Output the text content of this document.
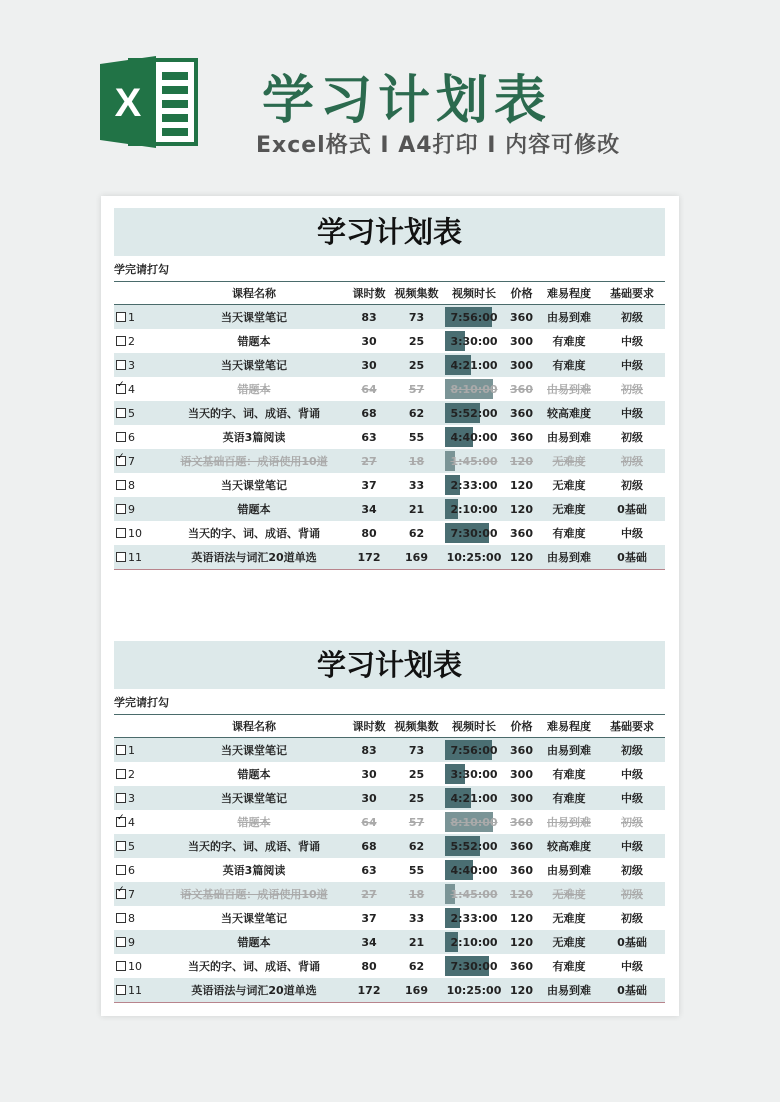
X 学习计划表
Excel格式 I A4打印 I 内容可修改
学习计划表
学完请打勾
	课程名称	课时数	视频集数	视频时长	价格	难易程度	基础要求
1	当天课堂笔记	83	73	7:56:00	360	由易到难	初级
2	错题本	30	25	3:30:00	300	有难度	中级
3	当天课堂笔记	30	25	4:21:00	300	有难度	中级
✓4	错题本	64	57	8:10:00	360	由易到难	初级
5	当天的字、词、成语、背诵	68	62	5:52:00	360	较高难度	中级
6	英语3篇阅读	63	55	4:40:00	360	由易到难	初级
✓7	语文基础百题：成语使用10道	27	18	1:45:00	120	无难度	初级
8	当天课堂笔记	37	33	2:33:00	120	无难度	初级
9	错题本	34	21	2:10:00	120	无难度	0基础
10	当天的字、词、成语、背诵	80	62	7:30:00	360	有难度	中级
11	英语语法与词汇20道单选	172	169	10:25:00	120	由易到难	0基础
学习计划表
学完请打勾
	课程名称	课时数	视频集数	视频时长	价格	难易程度	基础要求
1	当天课堂笔记	83	73	7:56:00	360	由易到难	初级
2	错题本	30	25	3:30:00	300	有难度	中级
3	当天课堂笔记	30	25	4:21:00	300	有难度	中级
✓4	错题本	64	57	8:10:00	360	由易到难	初级
5	当天的字、词、成语、背诵	68	62	5:52:00	360	较高难度	中级
6	英语3篇阅读	63	55	4:40:00	360	由易到难	初级
✓7	语文基础百题：成语使用10道	27	18	1:45:00	120	无难度	初级
8	当天课堂笔记	37	33	2:33:00	120	无难度	初级
9	错题本	34	21	2:10:00	120	无难度	0基础
10	当天的字、词、成语、背诵	80	62	7:30:00	360	有难度	中级
11	英语语法与词汇20道单选	172	169	10:25:00	120	由易到难	0基础
